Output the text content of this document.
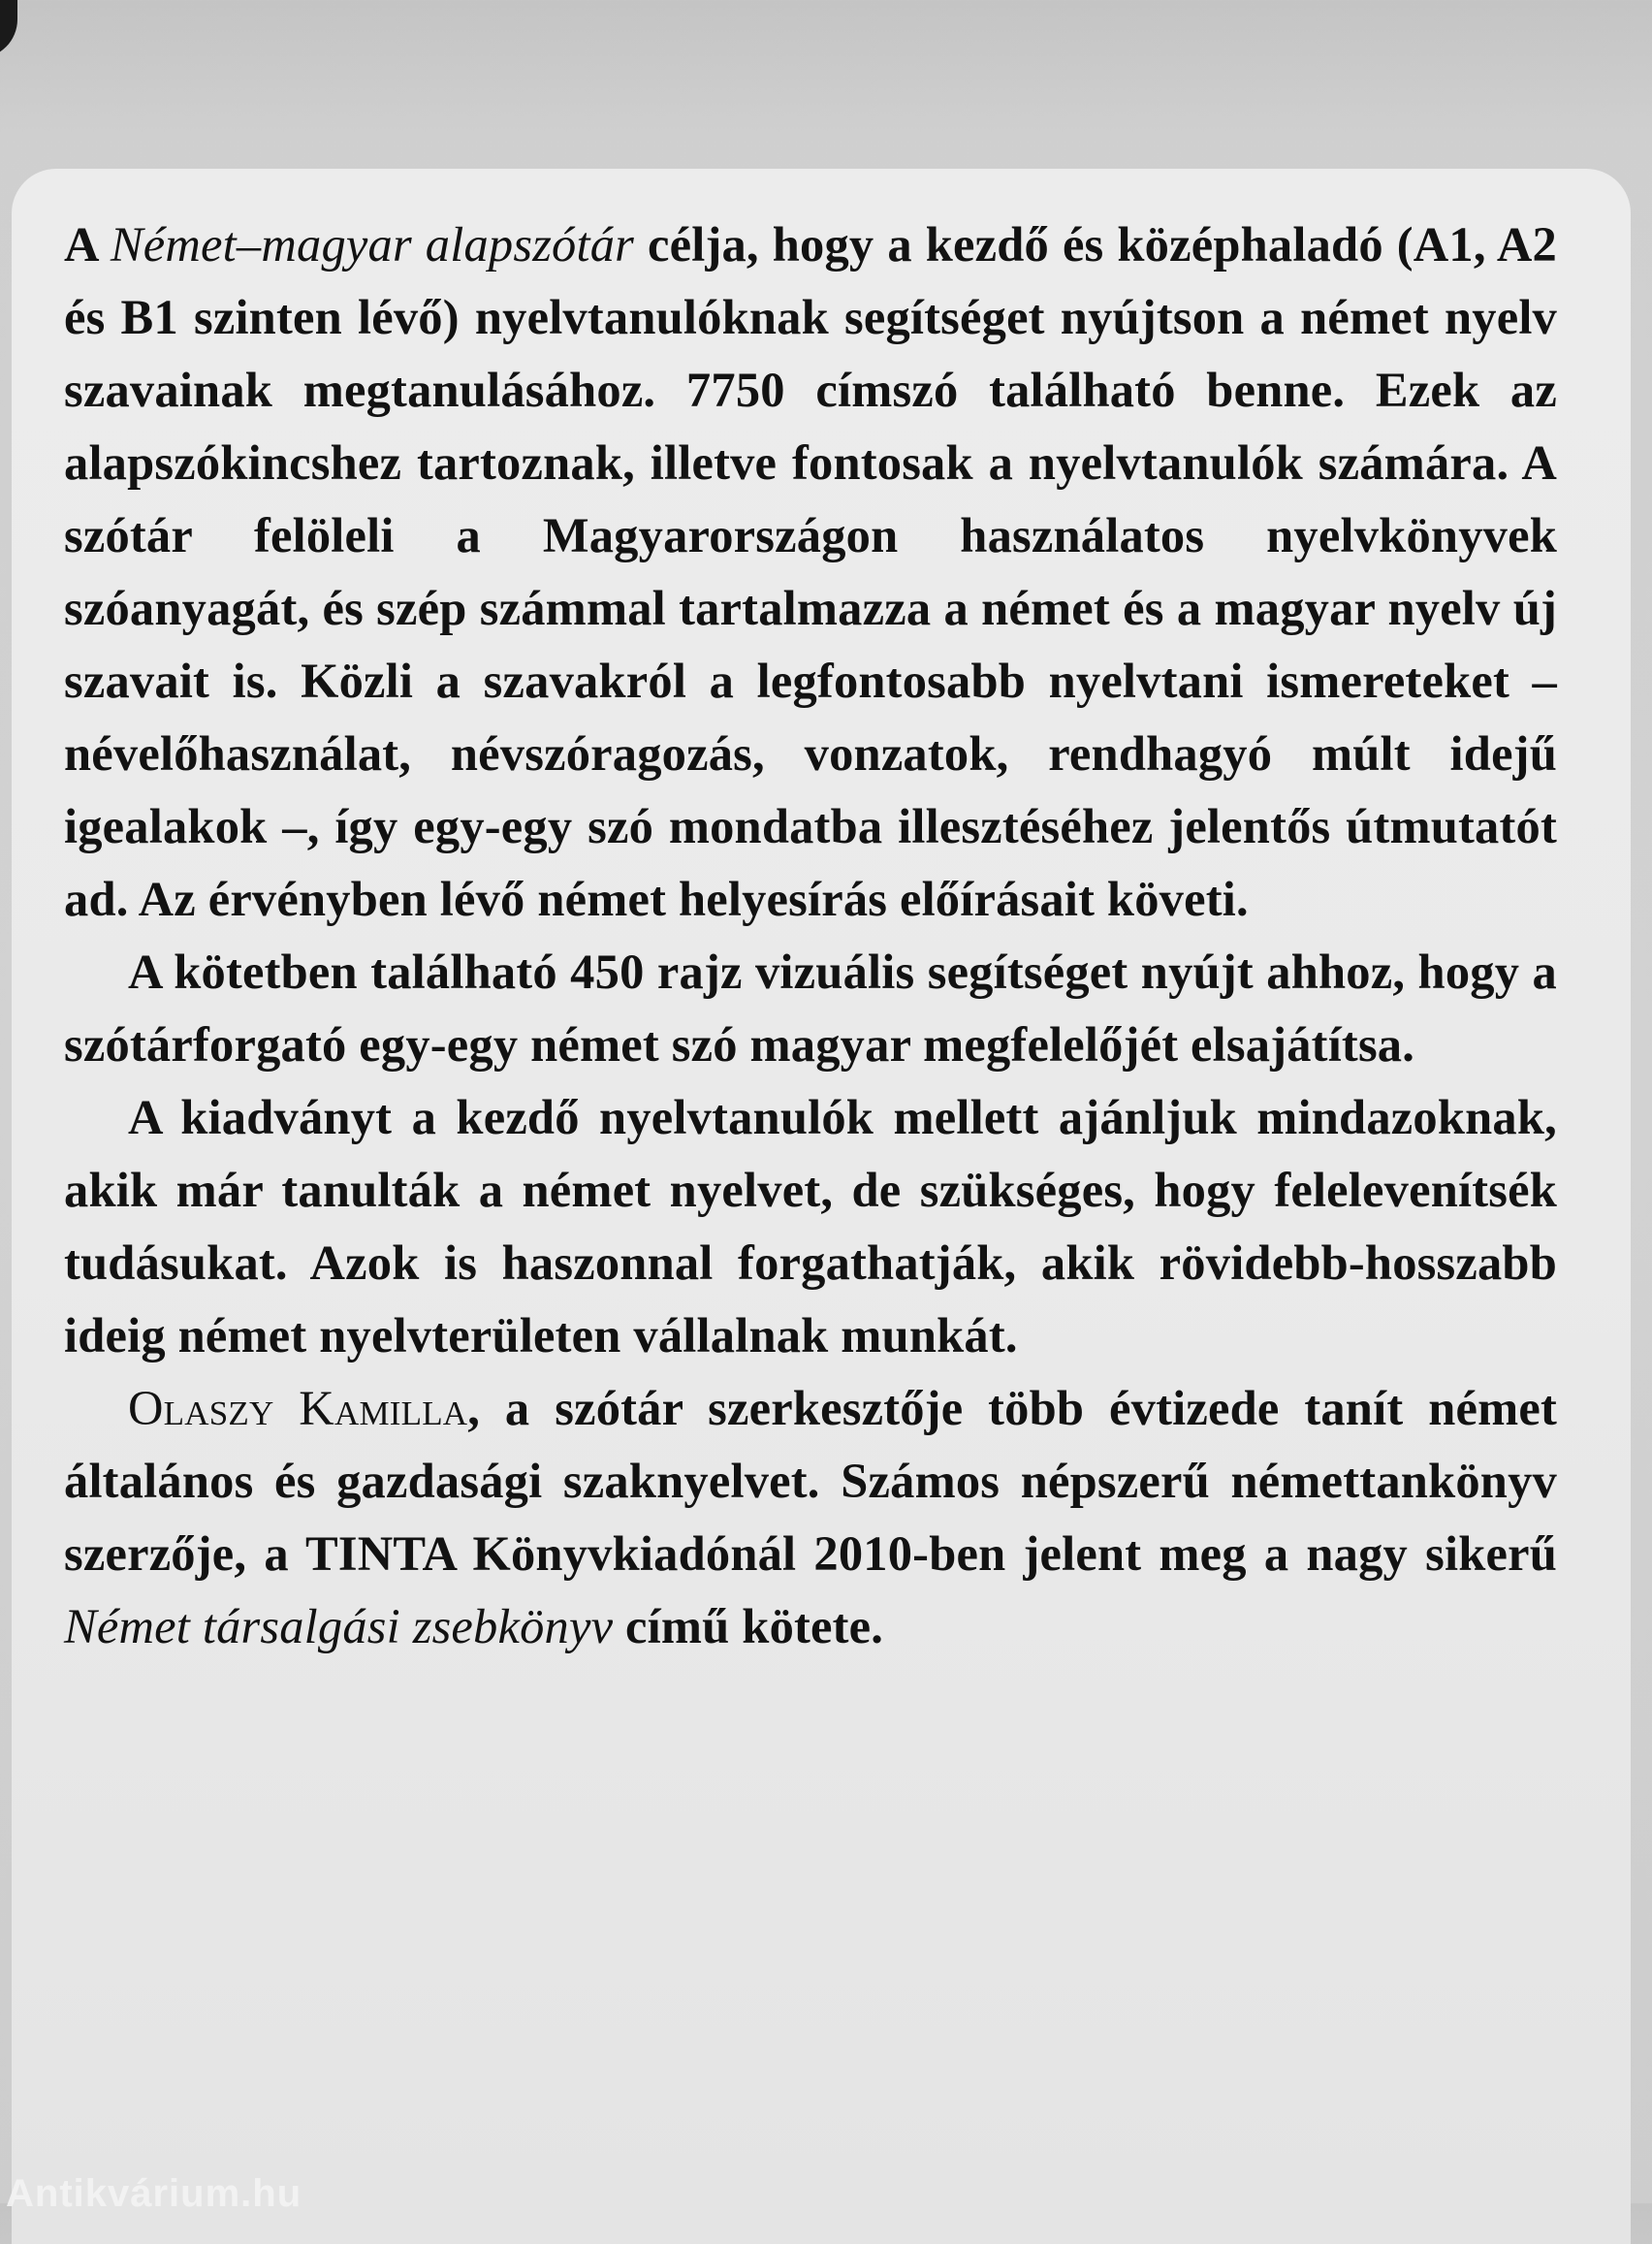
A Német–magyar alapszótár célja, hogy a kezdő és középhaladó (A1, A2 és B1 szinten lévő) nyelvtanulóknak segítséget nyújtson a német nyelv szavainak megtanulásához. 7750 címszó található benne. Ezek az alapszókincshez tartoznak, illetve fontosak a nyelvtanulók számára. A szótár felöleli a Magyarországon használatos nyelvkönyvek szóanyagát, és szép számmal tartalmazza a német és a magyar nyelv új szavait is. Közli a szavakról a legfontosabb nyelvtani ismereteket – névelőhasználat, névszóragozás, vonzatok, rendhagyó múlt idejű igealakok –, így egy-egy szó mondatba illesztéséhez jelentős útmutatót ad. Az érvényben lévő német helyesírás előírásait követi.

A kötetben található 450 rajz vizuális segítséget nyújt ahhoz, hogy a szótárforgató egy-egy német szó magyar megfelelőjét elsajátítsa.

A kiadványt a kezdő nyelvtanulók mellett ajánljuk mindazoknak, akik már tanulták a német nyelvet, de szükséges, hogy felelevenítsék tudásukat. Azok is haszonnal forgathatják, akik rövidebb-hosszabb ideig német nyelvterületen vállalnak munkát.

Olaszy Kamilla, a szótár szerkesztője több évtizede tanít német általános és gazdasági szaknyelvet. Számos népszerű némettankönyv szerzője, a TINTA Könyvkiadónál 2010-ben jelent meg a nagy sikerű Német társalgási zsebkönyv című kötete.

Antikvárium.hu
